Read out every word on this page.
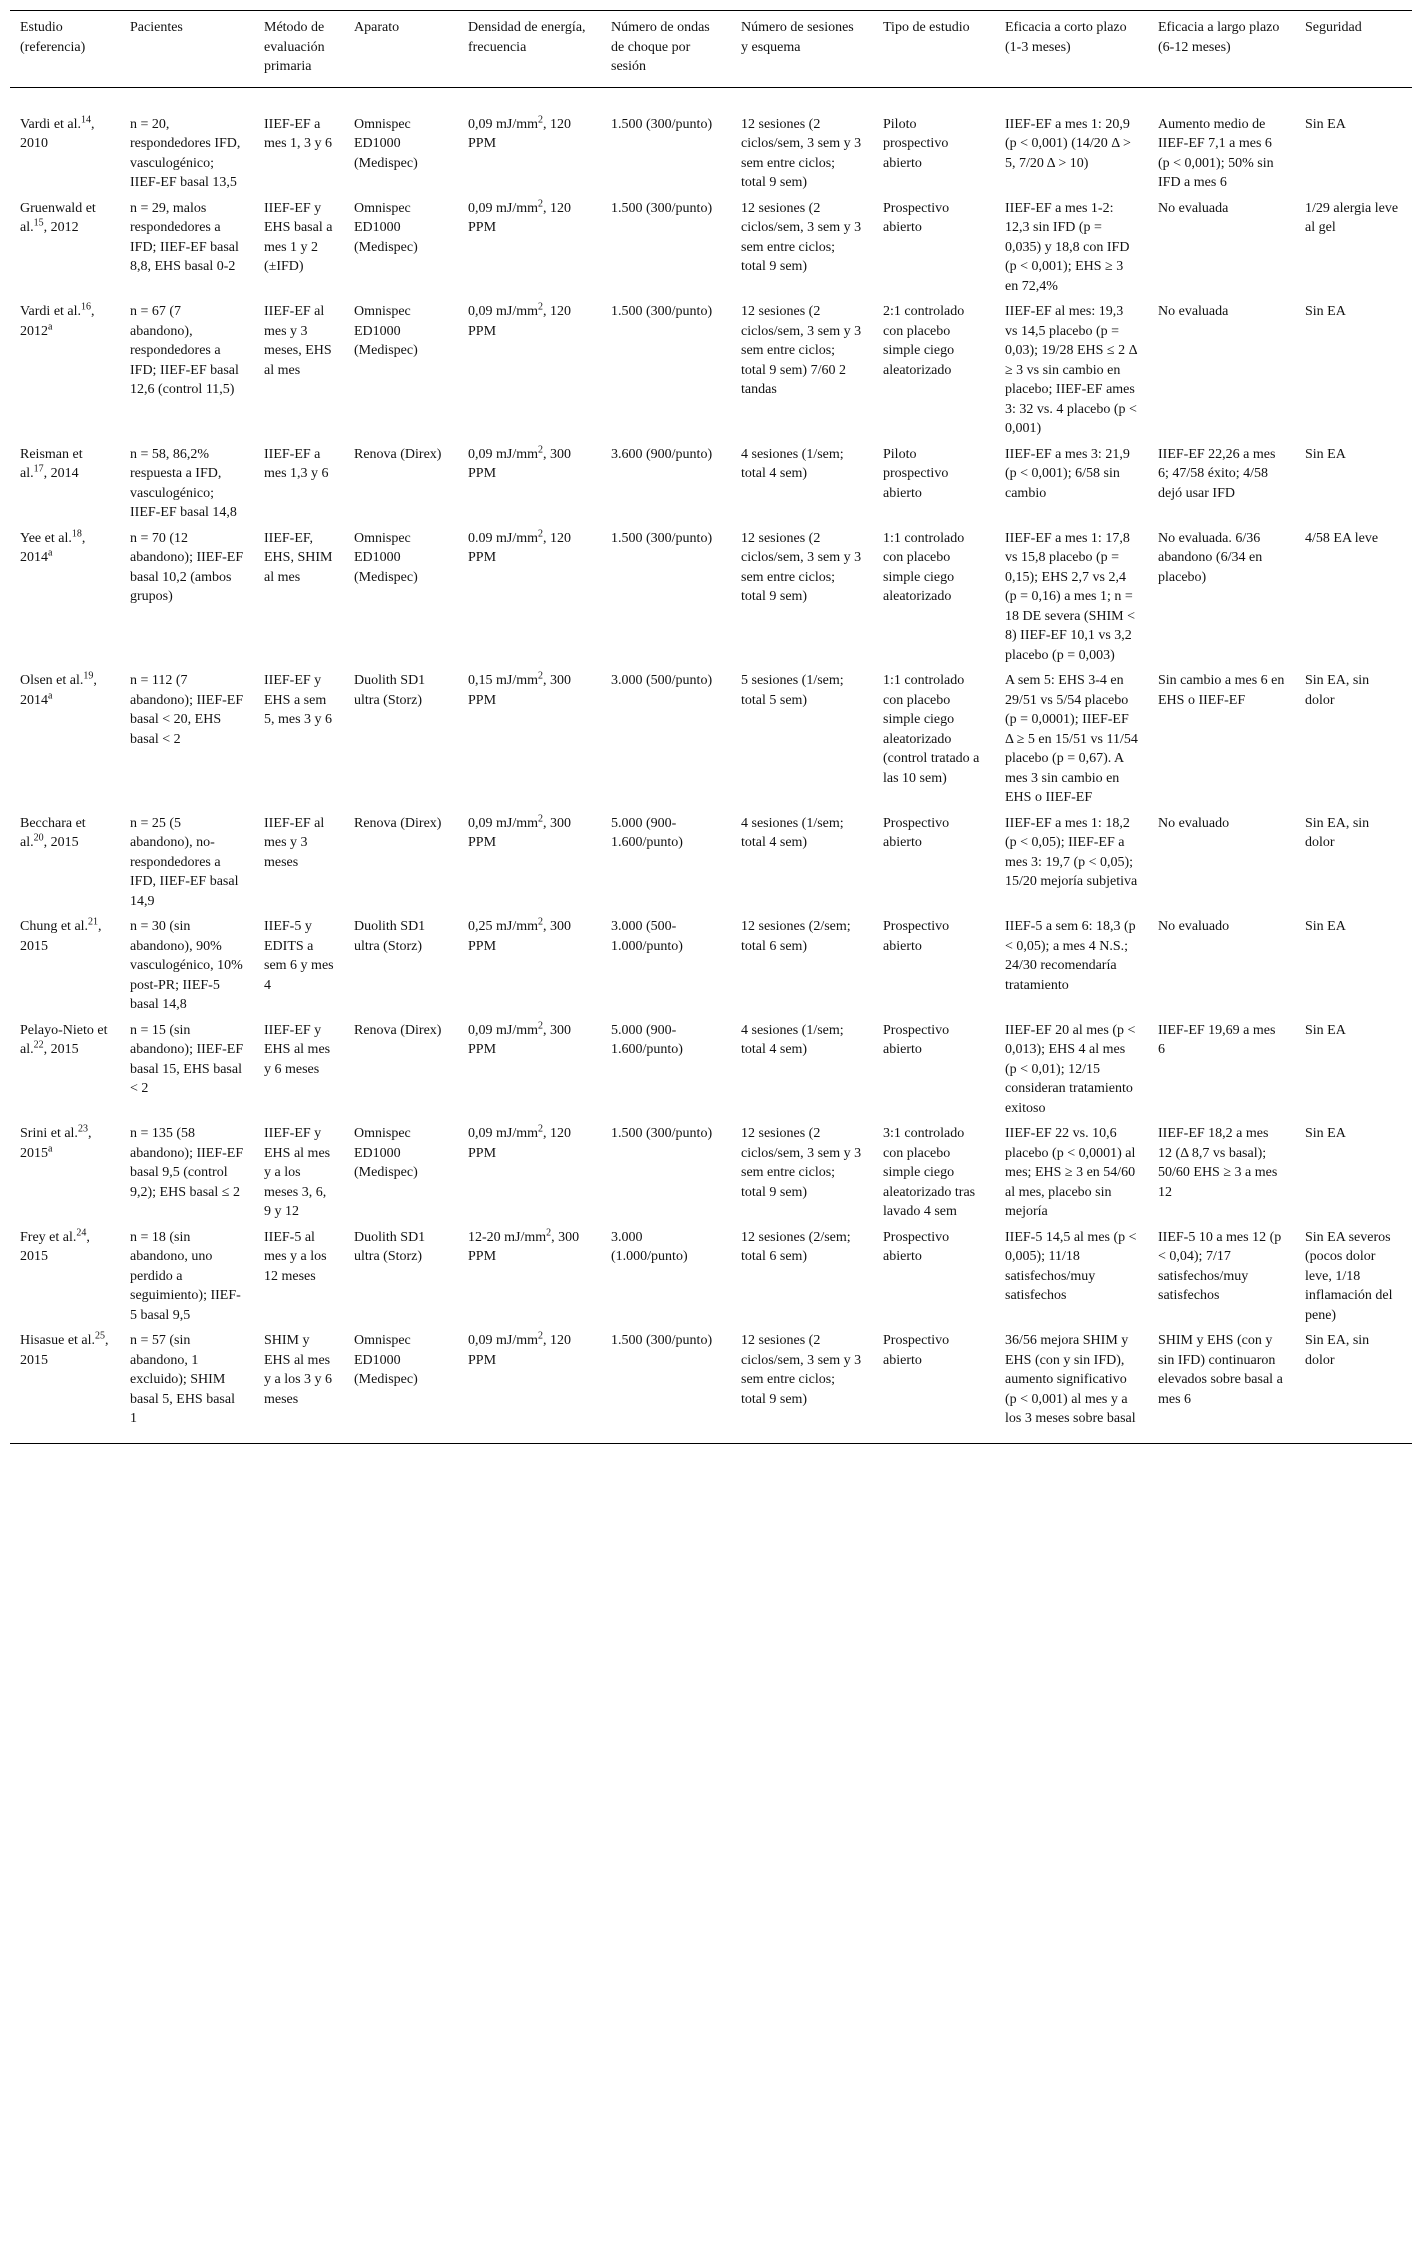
Estudio (referencia)	Pacientes	Método de evaluación primaria	Aparato	Densidad de energía, frecuencia	Número de ondas de choque por sesión	Número de sesiones y esquema	Tipo de estudio	Eficacia a corto plazo (1-3 meses)	Eficacia a largo plazo (6-12 meses)	Seguridad
Vardi et al.$^{14}$, 2010	n = 20, respondedores IFD, vasculogénico; IIEF-EF basal 13,5	IIEF-EF a mes 1, 3 y 6	Omnispec ED1000 (Medispec)	0,09 $mJ/mm^2$, 120 PPM	1.500 (300/punto)	12 sesiones (2 ciclos/sem, 3 sem y 3 sem entre ciclos; total 9 sem)	Piloto prospectivo abierto	IIEF-EF a mes 1: 20,9 (p < 0,001) (14/20 Δ > 5, 7/20 Δ > 10)	Aumento medio de IIEF-EF 7,1 a mes 6 (p < 0,001); 50% sin IFD a mes 6	Sin EA
Gruenwald et al.$^{15}$, 2012	n = 29, malos respondedores a IFD; IIEF-EF basal 8,8, EHS basal 0-2	IIEF-EF y EHS basal a mes 1 y 2 (±IFD)	Omnispec ED1000 (Medispec)	0,09 $mJ/mm^2$, 120 PPM	1.500 (300/punto)	12 sesiones (2 ciclos/sem, 3 sem y 3 sem entre ciclos; total 9 sem)	Prospectivo abierto	IIEF-EF a mes 1-2: 12,3 sin IFD (p = 0,035) y 18,8 con IFD (p < 0,001); EHS ≥ 3 en 72,4%	No evaluada	1/29 alergia leve al gel
Vardi et al.$^{16}$, 2012$^a$	n = 67 (7 abandono), respondedores a IFD; IIEF-EF basal 12,6 (control 11,5)	IIEF-EF al mes y 3 meses, EHS al mes	Omnispec ED1000 (Medispec)	0,09 $mJ/mm^2$, 120 PPM	1.500 (300/punto)	12 sesiones (2 ciclos/sem, 3 sem y 3 sem entre ciclos; total 9 sem) 7/60 2 tandas	2:1 controlado con placebo simple ciego aleatorizado	IIEF-EF al mes: 19,3 vs 14,5 placebo (p = 0,03); 19/28 EHS ≤ 2 Δ ≥ 3 vs sin cambio en placebo; IIEF-EF ames 3: 32 vs. 4 placebo (p < 0,001)	No evaluada	Sin EA
Reisman et al.$^{17}$, 2014	n = 58, 86,2% respuesta a IFD, vasculogénico; IIEF-EF basal 14,8	IIEF-EF a mes 1,3 y 6	Renova (Direx)	0,09 $mJ/mm^2$, 300 PPM	3.600 (900/punto)	4 sesiones (1/sem; total 4 sem)	Piloto prospectivo abierto	IIEF-EF a mes 3: 21,9 (p < 0,001); 6/58 sin cambio	IIEF-EF 22,26 a mes 6; 47/58 éxito; 4/58 dejó usar IFD	Sin EA
Yee et al.$^{18}$, 2014$^a$	n = 70 (12 abandono); IIEF-EF basal 10,2 (ambos grupos)	IIEF-EF, EHS, SHIM al mes	Omnispec ED1000 (Medispec)	0.09 $mJ/mm^2$, 120 PPM	1.500 (300/punto)	12 sesiones (2 ciclos/sem, 3 sem y 3 sem entre ciclos; total 9 sem)	1:1 controlado con placebo simple ciego aleatorizado	IIEF-EF a mes 1: 17,8 vs 15,8 placebo (p = 0,15); EHS 2,7 vs 2,4 (p = 0,16) a mes 1; n = 18 DE severa (SHIM < 8) IIEF-EF 10,1 vs 3,2 placebo (p = 0,003)	No evaluada. 6/36 abandono (6/34 en placebo)	4/58 EA leve
Olsen et al.$^{19}$, 2014$^a$	n = 112 (7 abandono); IIEF-EF basal < 20, EHS basal < 2	IIEF-EF y EHS a sem 5, mes 3 y 6	Duolith SD1 ultra (Storz)	0,15 $mJ/mm^2$, 300 PPM	3.000 (500/punto)	5 sesiones (1/sem; total 5 sem)	1:1 controlado con placebo simple ciego aleatorizado (control tratado a las 10 sem)	A sem 5: EHS 3-4 en 29/51 vs 5/54 placebo (p = 0,0001); IIEF-EF Δ ≥ 5 en 15/51 vs 11/54 placebo (p = 0,67). A mes 3 sin cambio en EHS o IIEF-EF	Sin cambio a mes 6 en EHS o IIEF-EF	Sin EA, sin dolor
Becchara et al.$^{20}$, 2015	n = 25 (5 abandono), no-respondedores a IFD, IIEF-EF basal 14,9	IIEF-EF al mes y 3 meses	Renova (Direx)	0,09 $mJ/mm^2$, 300 PPM	5.000 (900-1.600/punto)	4 sesiones (1/sem; total 4 sem)	Prospectivo abierto	IIEF-EF a mes 1: 18,2 (p < 0,05); IIEF-EF a mes 3: 19,7 (p < 0,05); 15/20 mejoría subjetiva	No evaluado	Sin EA, sin dolor
Chung et al.$^{21}$, 2015	n = 30 (sin abandono), 90% vasculogénico, 10% post-PR; IIEF-5 basal 14,8	IIEF-5 y EDITS a sem 6 y mes 4	Duolith SD1 ultra (Storz)	0,25 $mJ/mm^2$, 300 PPM	3.000 (500-1.000/punto)	12 sesiones (2/sem; total 6 sem)	Prospectivo abierto	IIEF-5 a sem 6: 18,3 (p < 0,05); a mes 4 N.S.; 24/30 recomendaría tratamiento	No evaluado	Sin EA
Pelayo-Nieto et al.$^{22}$, 2015	n = 15 (sin abandono); IIEF-EF basal 15, EHS basal < 2	IIEF-EF y EHS al mes y 6 meses	Renova (Direx)	0,09 $mJ/mm^2$, 300 PPM	5.000 (900-1.600/punto)	4 sesiones (1/sem; total 4 sem)	Prospectivo abierto	IIEF-EF 20 al mes (p < 0,013); EHS 4 al mes (p < 0,01); 12/15 consideran tratamiento exitoso	IIEF-EF 19,69 a mes 6	Sin EA
Srini et al.$^{23}$, 2015$^a$	n = 135 (58 abandono); IIEF-EF basal 9,5 (control 9,2); EHS basal ≤ 2	IIEF-EF y EHS al mes y a los meses 3, 6, 9 y 12	Omnispec ED1000 (Medispec)	0,09 $mJ/mm^2$, 120 PPM	1.500 (300/punto)	12 sesiones (2 ciclos/sem, 3 sem y 3 sem entre ciclos; total 9 sem)	3:1 controlado con placebo simple ciego aleatorizado tras lavado 4 sem	IIEF-EF 22 vs. 10,6 placebo (p < 0,0001) al mes; EHS ≥ 3 en 54/60 al mes, placebo sin mejoría	IIEF-EF 18,2 a mes 12 (Δ 8,7 vs basal); 50/60 EHS ≥ 3 a mes 12	Sin EA
Frey et al.$^{24}$, 2015	n = 18 (sin abandono, uno perdido a seguimiento); IIEF-5 basal 9,5	IIEF-5 al mes y a los 12 meses	Duolith SD1 ultra (Storz)	12-20 $mJ/mm^2$, 300 PPM	3.000 (1.000/punto)	12 sesiones (2/sem; total 6 sem)	Prospectivo abierto	IIEF-5 14,5 al mes (p < 0,005); 11/18 satisfechos/muy satisfechos	IIEF-5 10 a mes 12 (p < 0,04); 7/17 satisfechos/muy satisfechos	Sin EA severos (pocos dolor leve, 1/18 inflamación del pene)
Hisasue et al.$^{25}$, 2015	n = 57 (sin abandono, 1 excluido); SHIM basal 5, EHS basal 1	SHIM y EHS al mes y a los 3 y 6 meses	Omnispec ED1000 (Medispec)	0,09 $mJ/mm^2$, 120 PPM	1.500 (300/punto)	12 sesiones (2 ciclos/sem, 3 sem y 3 sem entre ciclos; total 9 sem)	Prospectivo abierto	36/56 mejora SHIM y EHS (con y sin IFD), aumento significativo (p < 0,001) al mes y a los 3 meses sobre basal	SHIM y EHS (con y sin IFD) continuaron elevados sobre basal a mes 6	Sin EA, sin dolor
